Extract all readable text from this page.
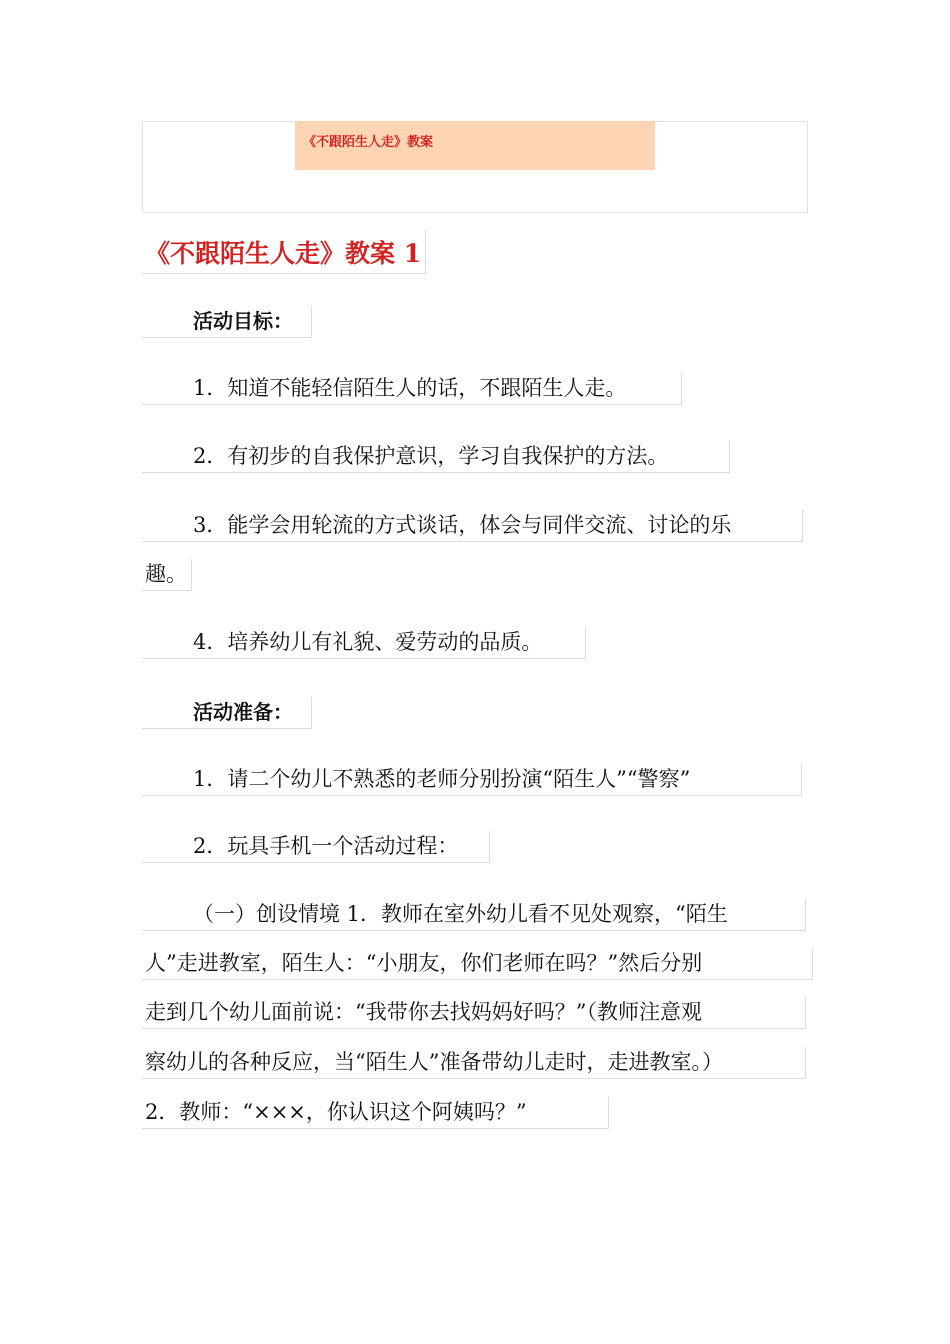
《不跟陌生人走》教案
《不跟陌生人走》教案 1
活动目标：
1．知道不能轻信陌生人的话，不跟陌生人走。
2．有初步的自我保护意识，学习自我保护的方法。
3．能学会用轮流的方式谈话，体会与同伴交流、讨论的乐
趣。
4．培养幼儿有礼貌、爱劳动的品质。
活动准备：
1．请二个幼儿不熟悉的老师分别扮演“陌生人”“警察”
2．玩具手机一个活动过程：
（一）创设情境 1．教师在室外幼儿看不见处观察，“陌生
人”走进教室，陌生人：“小朋友，你们老师在吗？”然后分别
走到几个幼儿面前说：“我带你去找妈妈好吗？”（教师注意观
察幼儿的各种反应，当“陌生人”准备带幼儿走时，走进教室。）
2．教师：“×××，你认识这个阿姨吗？”
